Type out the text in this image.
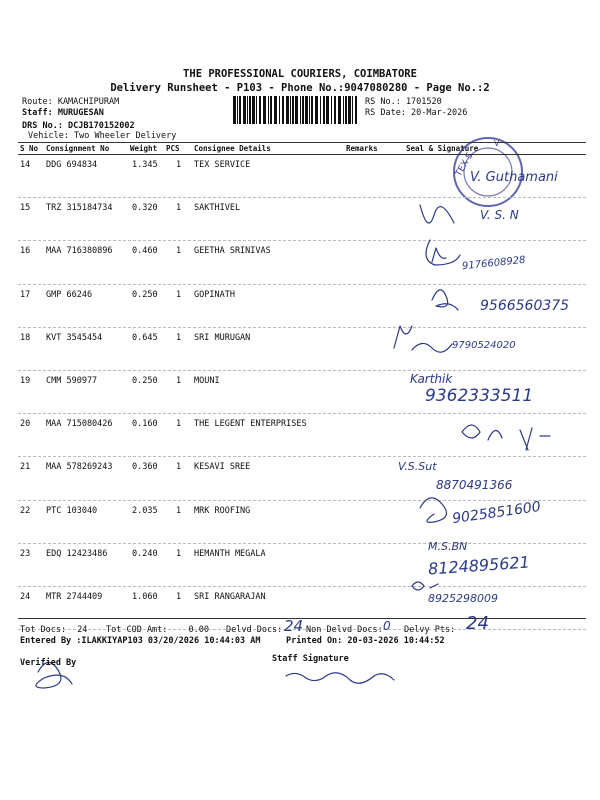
THE PROFESSIONAL COURIERS, COIMBATORE
Delivery Runsheet - P103 - Phone No.:9047080280 - Page No.:2
Route: KAMACHIPURAM
Staff: MURUGESAN
DRS No.: DCJB170152002
Vehicle: Two Wheeler Delivery
RS No.: 1701520
RS Date: 20-Mar-2026
TEX S
V
S No Consignment No	Weight PCS Consignee Details	Remarks	Seal & Signature
14 DDG 694834	1.345 1 TEX SERVICE
15 TRZ 315184734 0.320 1 SAKTHIVEL
16 MAA 716380896 0.460 1 GEETHA SRINIVAS
17 GMP 66246	0.250 1 GOPINATH
18 KVT 3545454	0.645 1 SRI MURUGAN
19 CMM 590977	0.250 1 MOUNI
20 MAA 715080426 0.160 1 THE LEGENT ENTERPRISES
21 MAA 578269243 0.360 1 KESAVI SREE
22 PTC 103040	2.035 1 MRK ROOFING
23 EDQ 12423486	0.240 1 HEMANTH MEGALA
24 MTR 2744409	1.060 1 SRI RANGARAJAN
V. Guthamani
V. S. N
9176608928
9566560375
Karthik
9790524020
9362333511
V.S.Sut
8870491366
9025851600
M.S.BN
8124895621
8925298009
Tot Docs: 24 Tot COD Amt: 0.00 Delvd Docs: 24 Non Delvd Docs: 0 Delvy Pts: 24
Entered By :ILAKKIYAP103 03/20/2026 10:44:03 AM	Printed On: 20-03-2026 10:44:52
Verified By	Staff Signature
